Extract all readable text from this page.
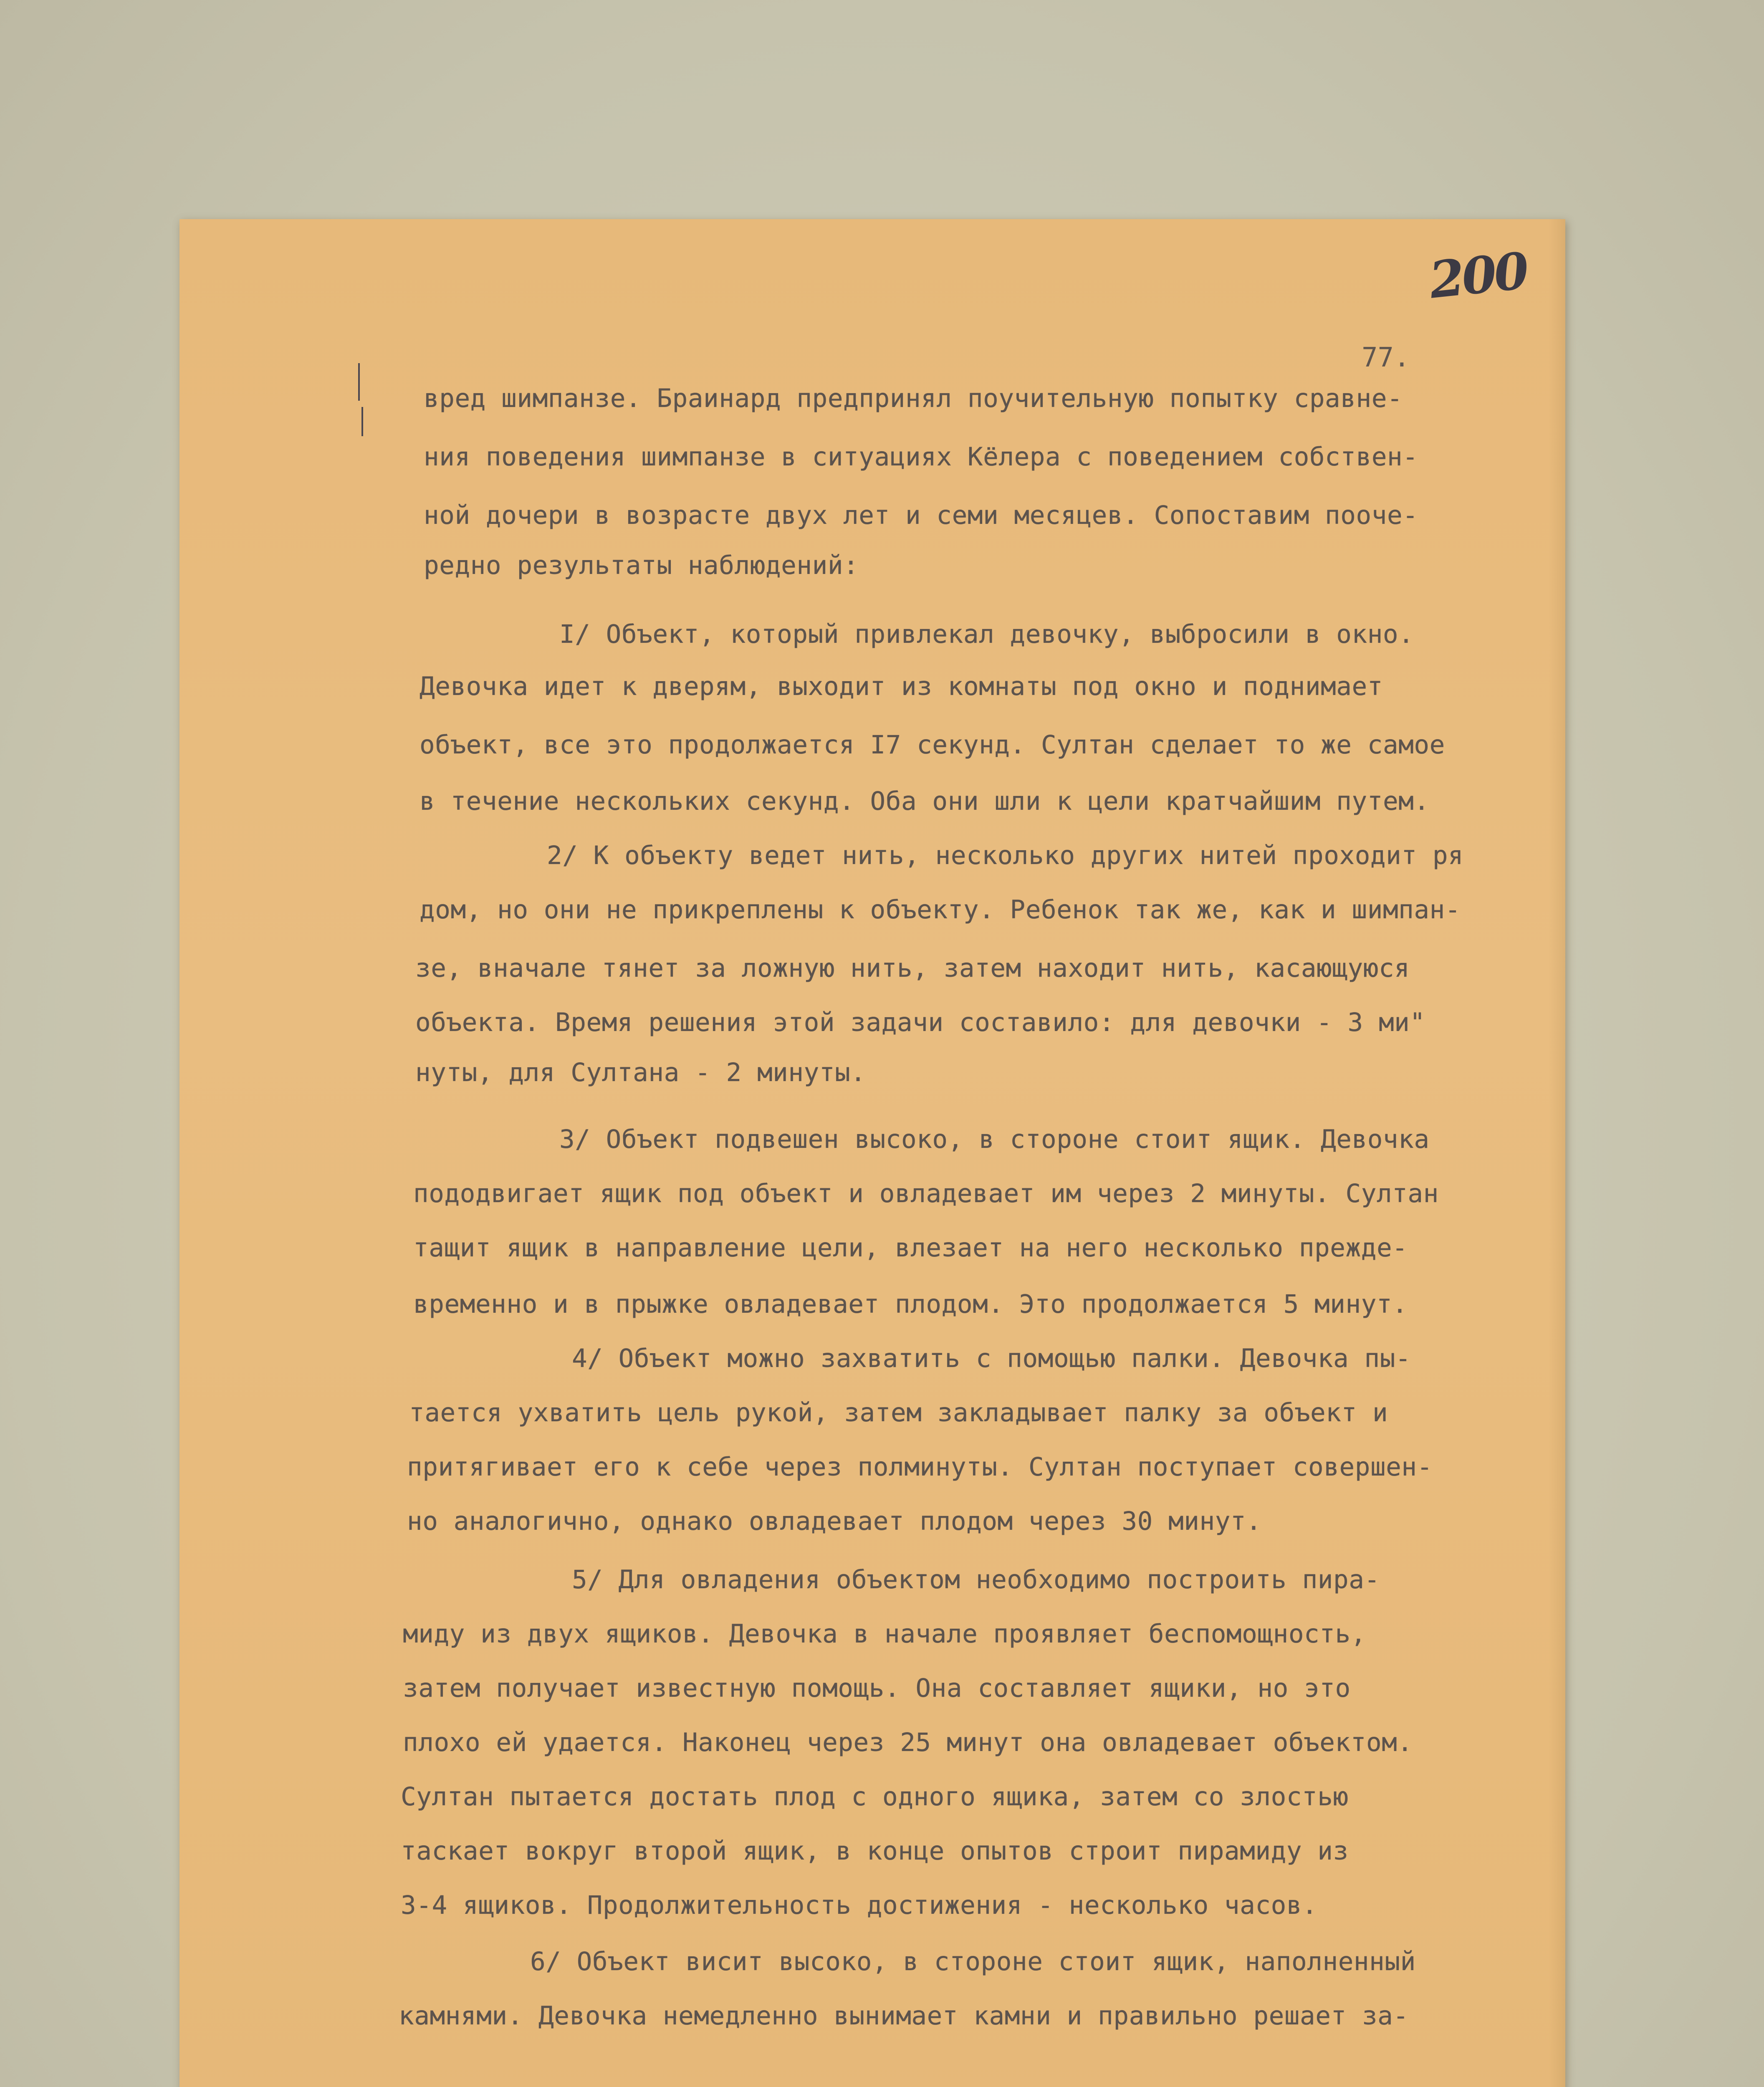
200
77.
вред шимпанзе. Браинард предпринял поучительную попытку сравне-
ния поведения шимпанзе в ситуациях Кёлера с поведением собствен-
ной дочери в возрасте двух лет и семи месяцев. Сопоставим поoче-
редно результаты наблюдений:
I/ Объект, который привлекал девочку, выбросили в окно.
Девочка идет к дверям, выходит из комнаты под окно и поднимает
объект, все это продолжается I7 секунд. Султан сделает то же самое
в течение нескольких секунд. Оба они шли к цели кратчайшим путем.
2/ К объекту ведет нить, несколько других нитей проходит ря
дом, но они не прикреплены к объекту. Ребенок так же, как и шимпан-
зе, вначале тянет за ложную нить, затем находит нить, касающуюся
объекта. Время решения этой задачи составило: для девочки - 3 ми"
нуты, для Султана - 2 минуты.
3/ Объект подвешен высоко, в стороне стоит ящик. Девочка
пододвигает ящик под объект и овладевает им через 2 минуты. Султан
тащит ящик в направление цели, влезает на него несколько прежде-
временно и в прыжке овладевает плодом. Это продолжается 5 минут.
4/ Объект можно захватить с помощью палки. Девочка пы-
тается ухватить цель рукой, затем закладывает палку за объект и
притягивает его к себе через полминуты. Султан поступает совершен-
но аналогично, однако овладевает плодом через 30 минут.
5/ Для овладения объектом необходимо построить пира-
миду из двух ящиков. Девочка в начале проявляет беспомощность,
затем получает известную помощь. Она составляет ящики, но это
плохо ей удается. Наконец через 25 минут она овладевает объектом.
Султан пытается достать плод с одного ящика, затем со злостью
таскает вокруг второй ящик, в конце опытов строит пирамиду из
3-4 ящиков. Продолжительность достижения - несколько часов.
6/ Объект висит высоко, в стороне стоит ящик, наполненный
камнями. Девочка немедленно вынимает камни и правильно решает за-
